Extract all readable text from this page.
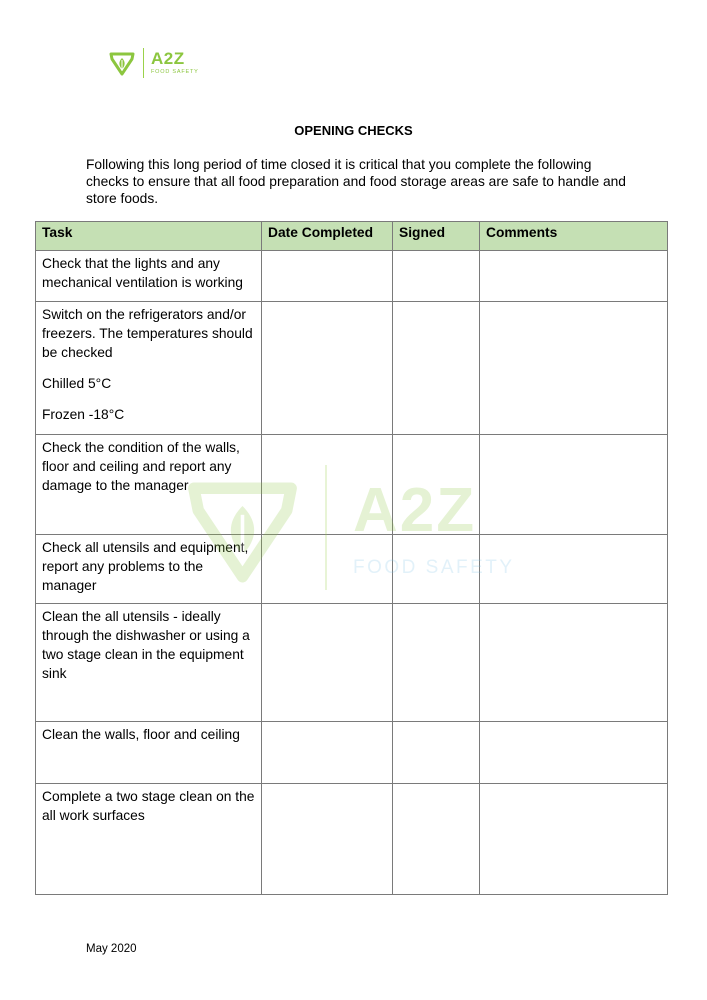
A2Z
FOOD SAFETY
OPENING CHECKS
Following this long period of time closed it is critical that you complete the following checks to ensure that all food preparation and food storage areas are safe to handle and store foods.
Task	Date Completed	Signed	Comments
Check that the lights and any mechanical ventilation is working			

Switch on the refrigerators and/or freezers. The temperatures should be checked
Chilled 5°C
Frozen -18°C			

Check the condition of the walls, floor and ceiling and report any damage to the manager			
Check all utensils and equipment, report any problems to the manager			
Clean the all utensils - ideally through the dishwasher or using a two stage clean in the equipment sink			
Clean the walls, floor and ceiling			
Complete a two stage clean on the all work surfaces			
A2Z
FOOD SAFETY
May 2020
